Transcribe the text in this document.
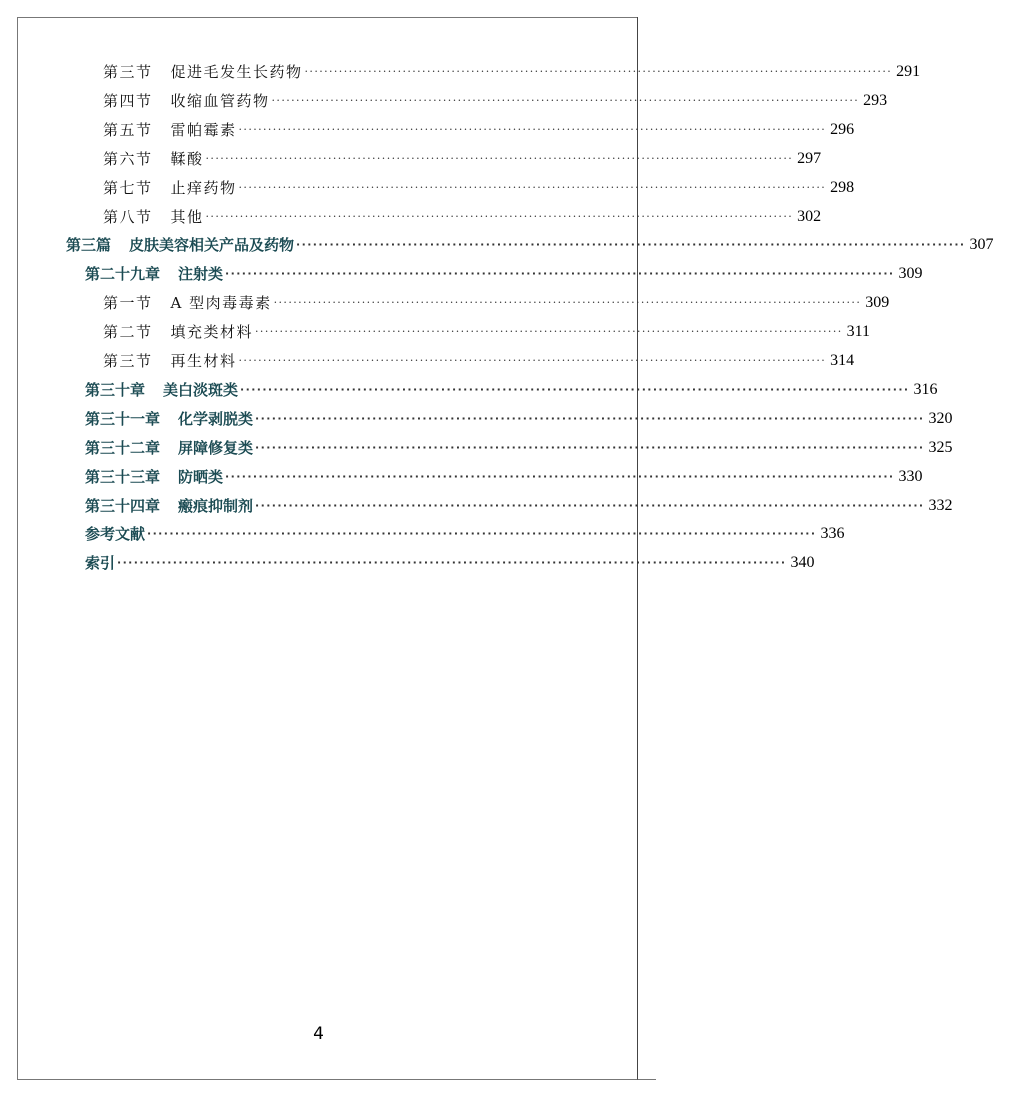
第三节 促进毛发生长药物 ························································································································ 291
第四节 收缩血管药物 ························································································································ 293
第五节 雷帕霉素 ························································································································ 296
第六节 鞣酸 ························································································································ 297
第七节 止痒药物 ························································································································ 298
第八节 其他 ························································································································ 302
第三篇 皮肤美容相关产品及药物 ························································································································ 307
第二十九章 注射类 ························································································································ 309
第一节 A 型肉毒毒素 ························································································································ 309
第二节 填充类材料 ························································································································ 311
第三节 再生材料 ························································································································ 314
第三十章 美白淡斑类 ························································································································ 316
第三十一章 化学剥脱类 ························································································································ 320
第三十二章 屏障修复类 ························································································································ 325
第三十三章 防晒类 ························································································································ 330
第三十四章 瘢痕抑制剂 ························································································································ 332
参考文献 ························································································································ 336
索引 ························································································································ 340
4
